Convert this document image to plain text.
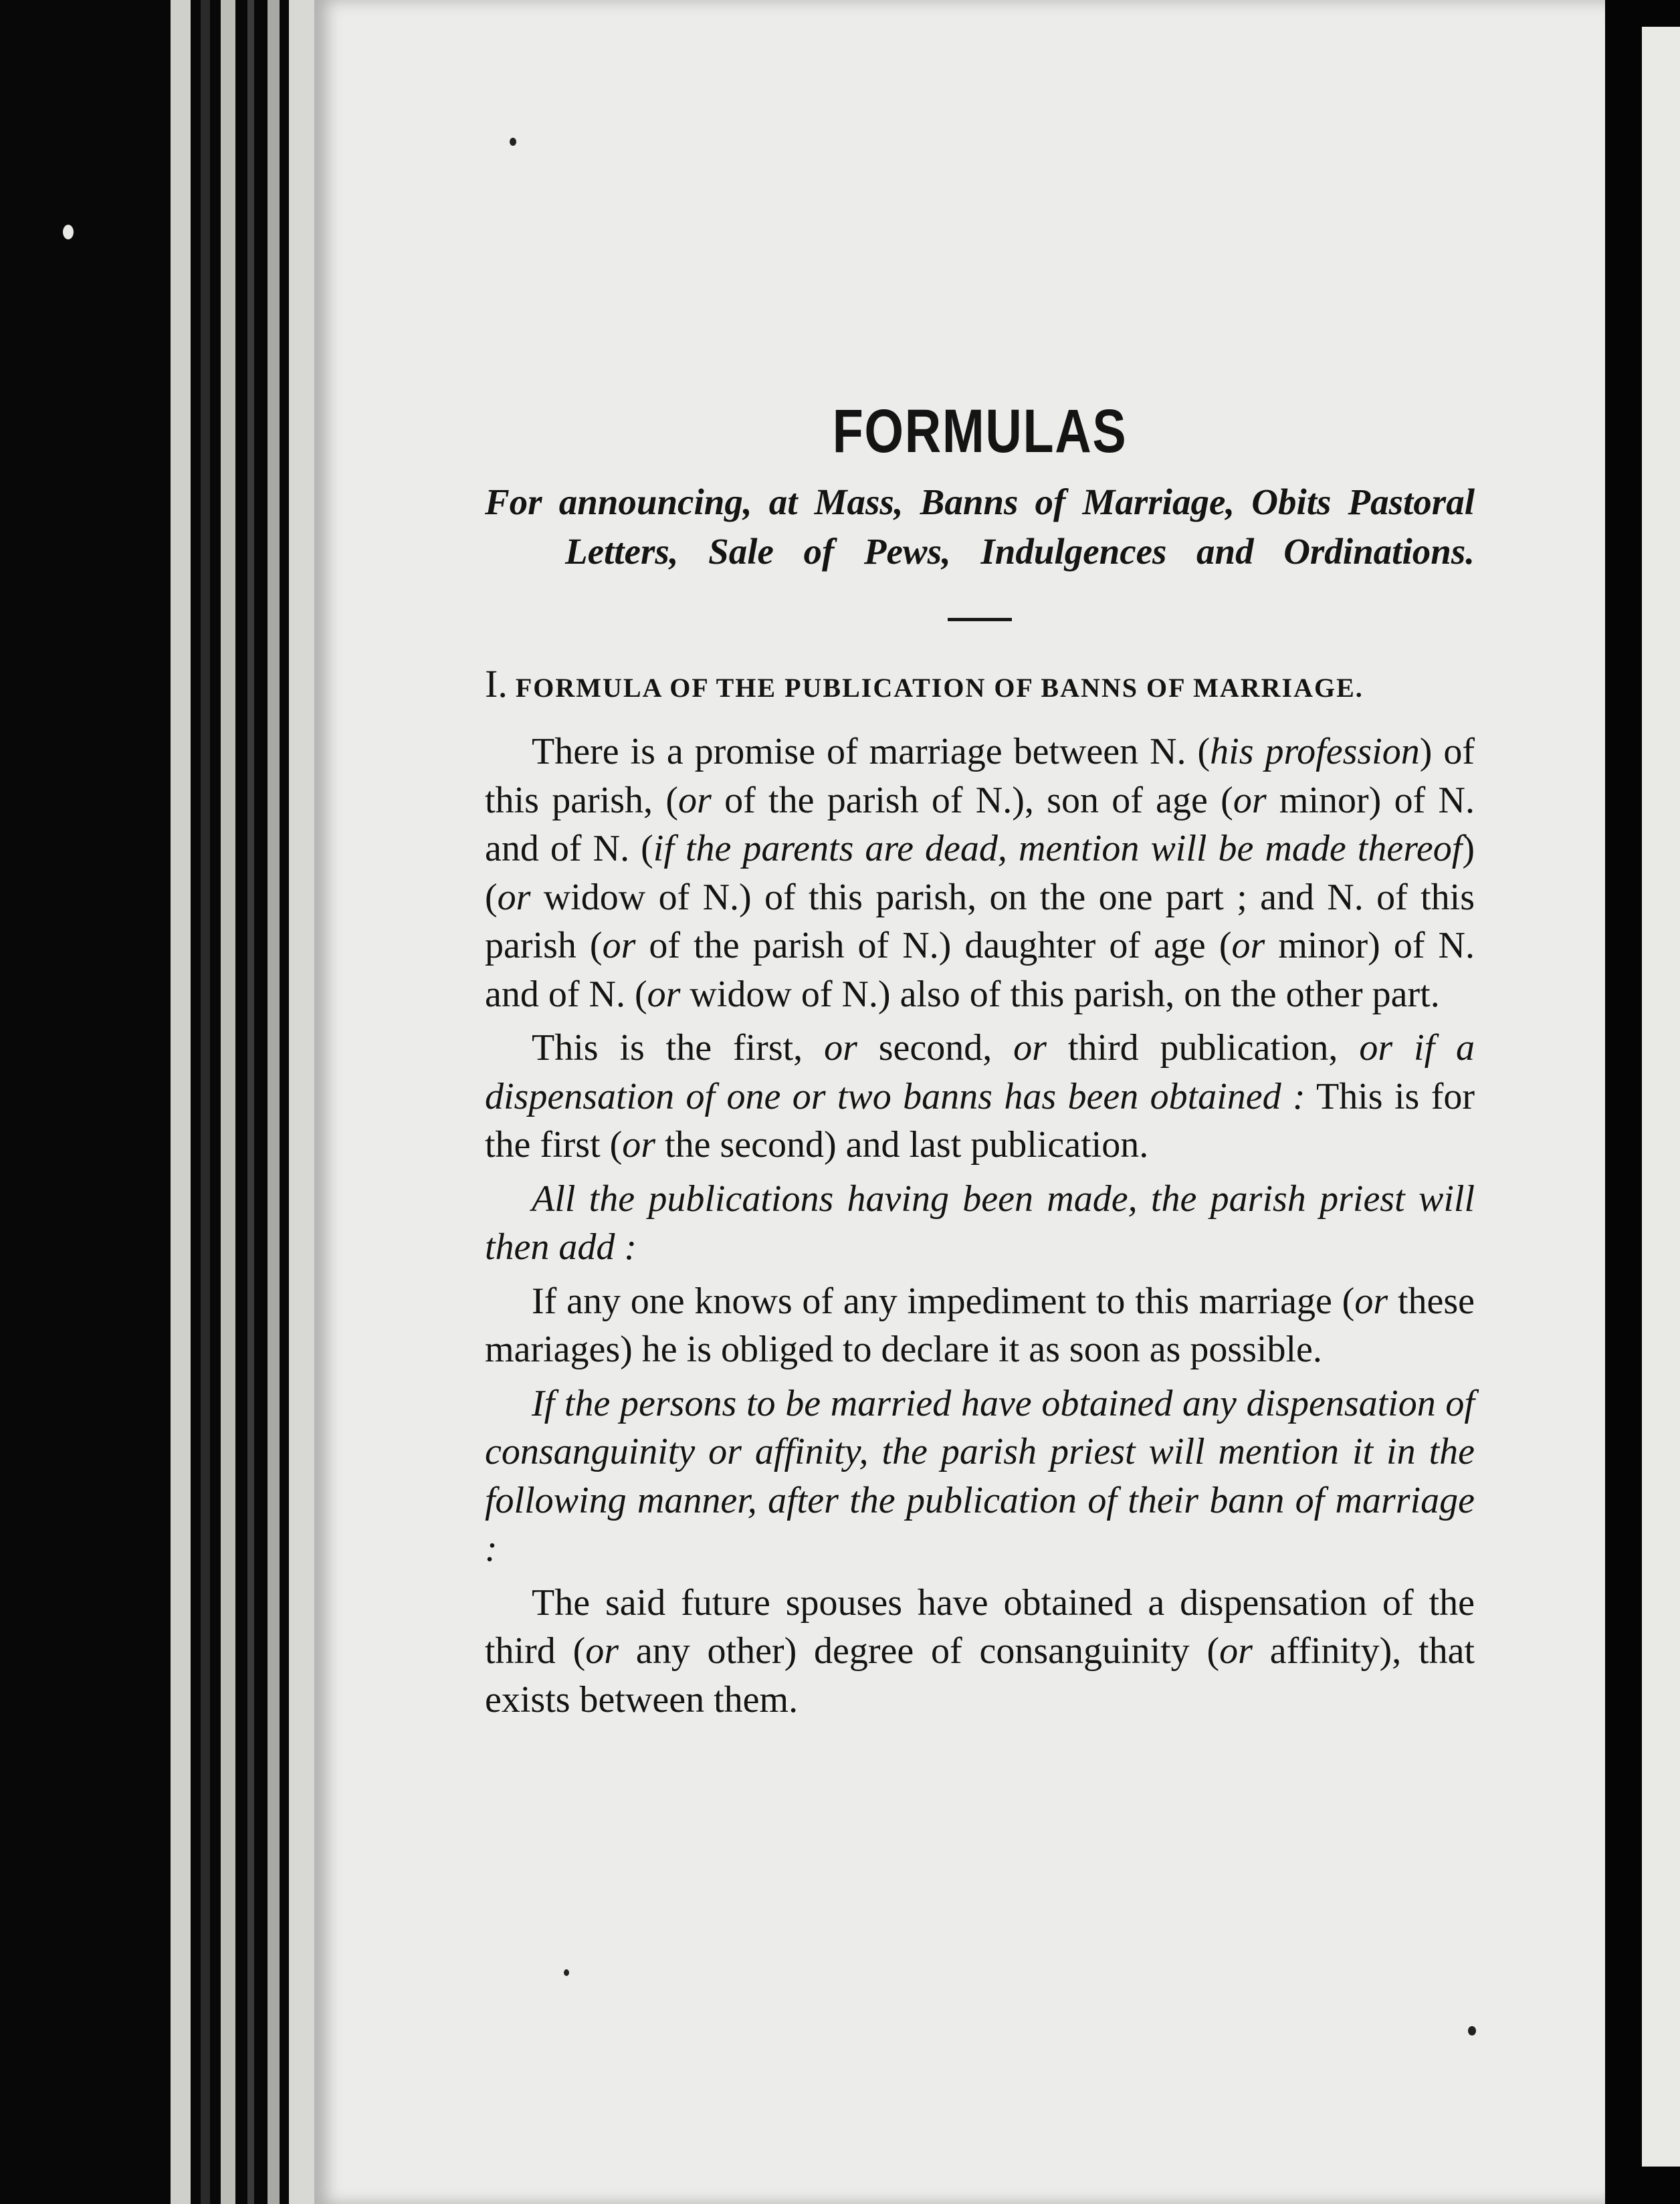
FORMULAS

For announcing, at Mass, Banns of Marriage, Obits Pastoral Letters, Sale of Pews, Indulgences and Ordinations.

I. FORMULA OF THE PUBLICATION OF BANNS OF MARRIAGE.

There is a promise of marriage between N. (his profession) of this parish, (or of the parish of N.), son of age (or minor) of N. and of N. (if the parents are dead, mention will be made thereof) (or widow of N.) of this parish, on the one part ; and N. of this parish (or of the parish of N.) daughter of age (or minor) of N. and of N. (or widow of N.) also of this parish, on the other part.

This is the first, or second, or third publication, or if a dispensation of one or two banns has been obtained : This is for the first (or the second) and last publication.

All the publications having been made, the parish priest will then add :

If any one knows of any impediment to this marriage (or these mariages) he is obliged to declare it as soon as possible.

If the persons to be married have obtained any dispensation of consanguinity or affinity, the parish priest will mention it in the following manner, after the publication of their bann of marriage :

The said future spouses have obtained a dispensation of the third (or any other) degree of consanguinity (or affinity), that exists between them.
